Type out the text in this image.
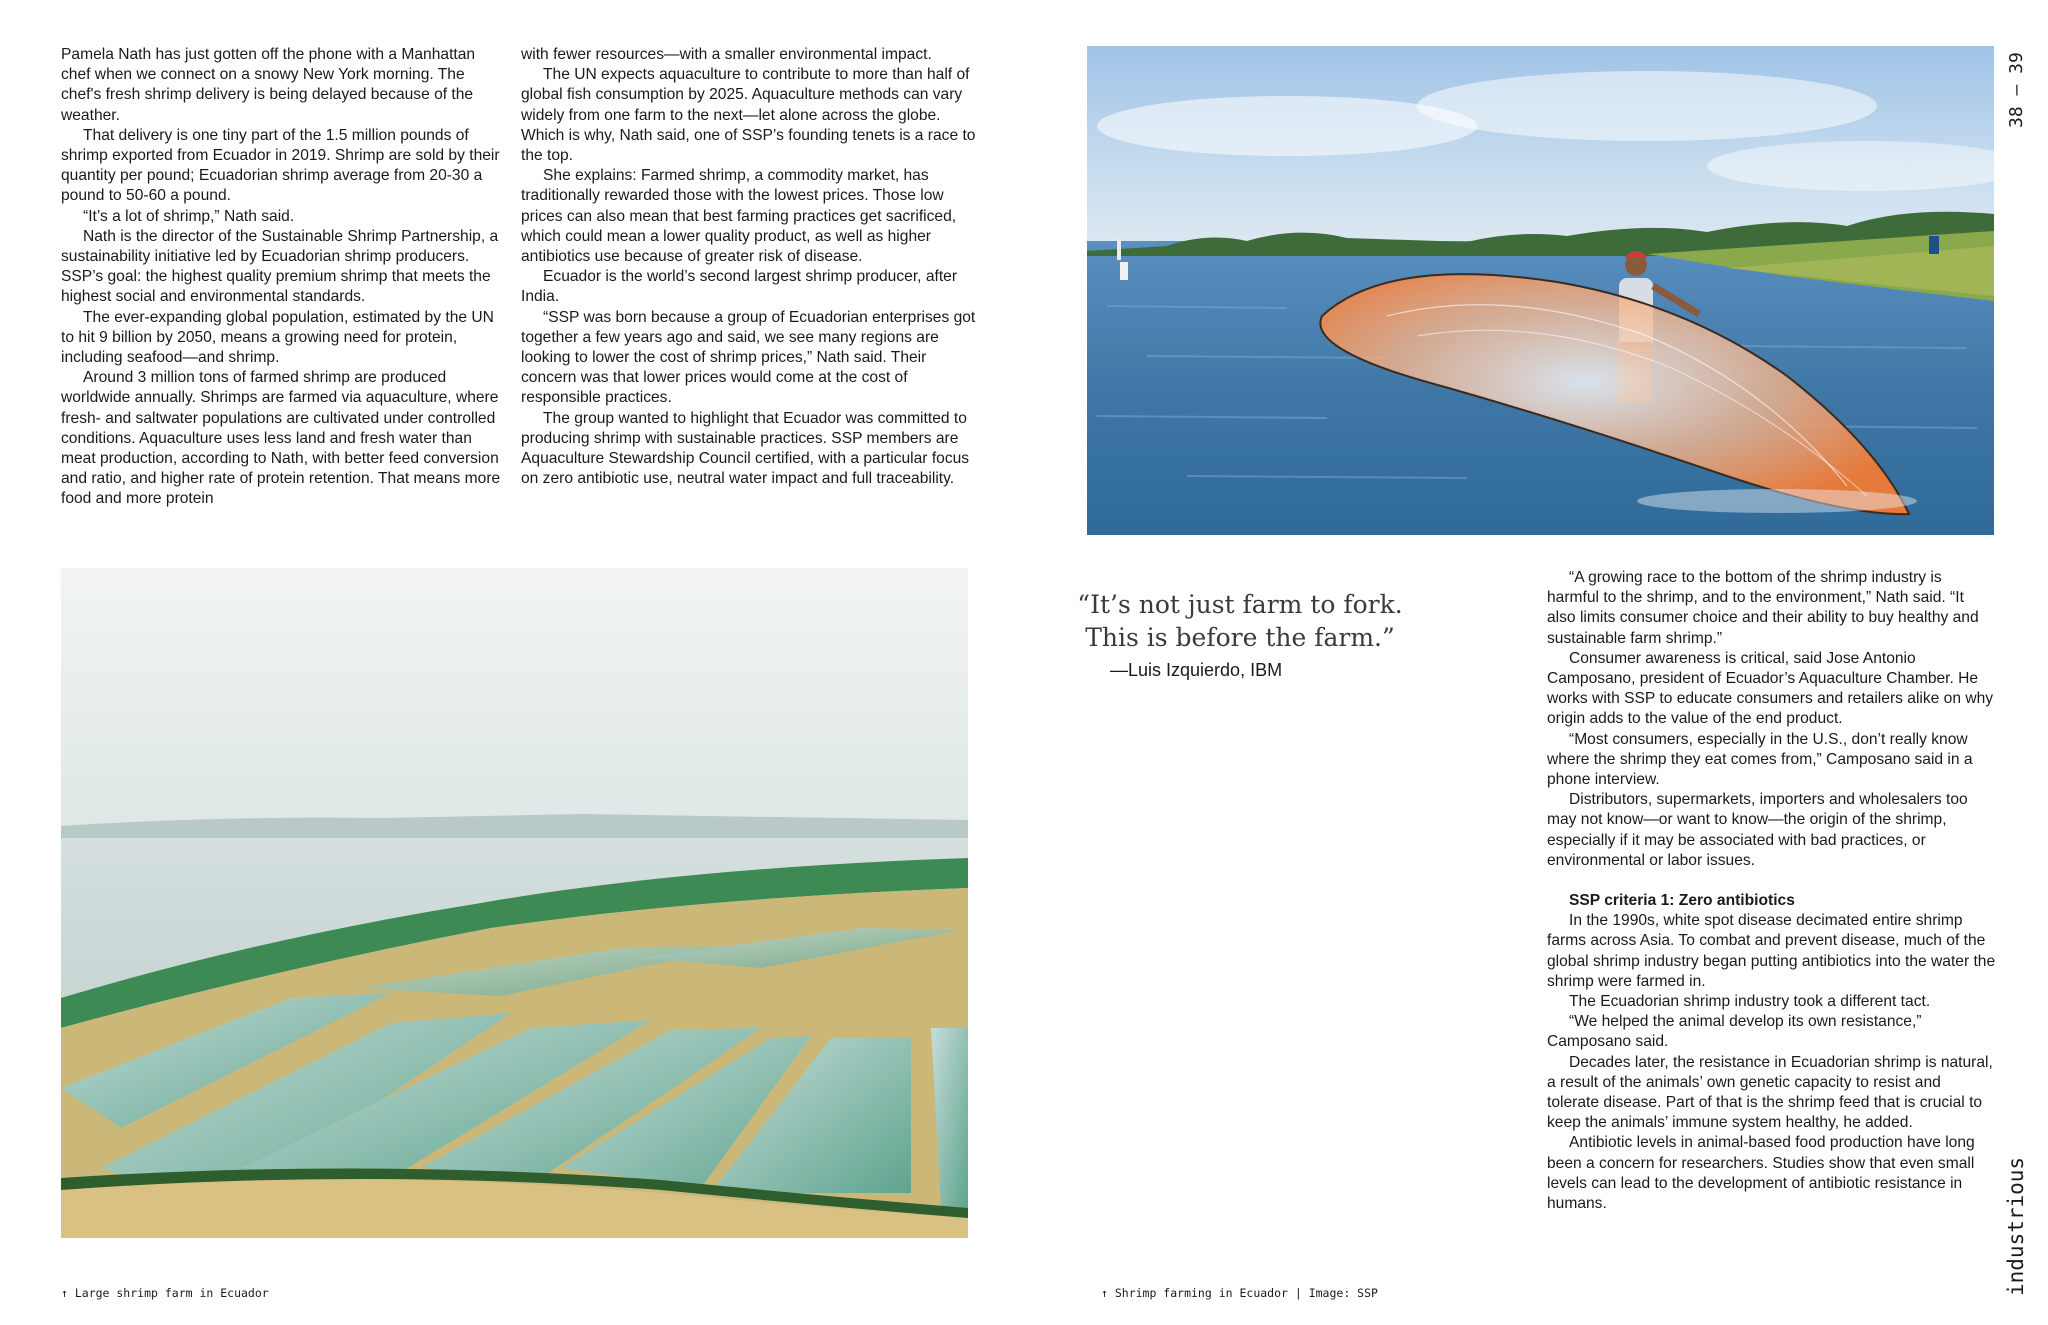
Pamela Nath has just gotten off the phone with a Manhattan chef when we connect on a snowy New York morning. The chef's fresh shrimp delivery is being delayed because of the weather.

That delivery is one tiny part of the 1.5 million pounds of shrimp exported from Ecuador in 2019. Shrimp are sold by their quantity per pound; Ecuadorian shrimp average from 20-30 a pound to 50-60 a pound.

“It’s a lot of shrimp,” Nath said.

Nath is the director of the Sustainable Shrimp Partnership, a sustainability initiative led by Ecuadorian shrimp producers. SSP’s goal: the highest quality premium shrimp that meets the highest social and environmental standards.

The ever-expanding global population, estimated by the UN to hit 9 billion by 2050, means a growing need for protein, including seafood—and shrimp.

Around 3 million tons of farmed shrimp are produced worldwide annually. Shrimps are farmed via aquaculture, where fresh- and saltwater populations are cultivated under controlled conditions. Aquaculture uses less land and fresh water than meat production, according to Nath, with better feed conversion and ratio, and higher rate of protein retention. That means more food and more protein

with fewer resources—with a smaller environmental impact.

The UN expects aquaculture to contribute to more than half of global fish consumption by 2025. Aquaculture methods can vary widely from one farm to the next—let alone across the globe. Which is why, Nath said, one of SSP’s founding tenets is a race to the top.

She explains: Farmed shrimp, a commodity market, has traditionally rewarded those with the lowest prices. Those low prices can also mean that best farming practices get sacrificed, which could mean a lower quality product, as well as higher antibiotics use because of greater risk of disease.

Ecuador is the world’s second largest shrimp producer, after India.

“SSP was born because a group of Ecuadorian enterprises got together a few years ago and said, we see many regions are looking to lower the cost of shrimp prices,” Nath said. Their concern was that lower prices would come at the cost of responsible practices.

The group wanted to highlight that Ecuador was committed to producing shrimp with sustainable practices. SSP members are Aquaculture Stewardship Council certified, with a particular focus on zero antibiotic use, neutral water impact and full traceability.

“A growing race to the bottom of the shrimp industry is harmful to the shrimp, and to the environment,” Nath said. “It also limits consumer choice and their ability to buy healthy and sustainable farm shrimp.”

Consumer awareness is critical, said Jose Antonio Camposano, president of Ecuador’s Aquaculture Chamber. He works with SSP to educate consumers and retailers alike on why origin adds to the value of the end product.

“Most consumers, especially in the U.S., don’t really know where the shrimp they eat comes from,” Camposano said in a phone interview.

Distributors, supermarkets, importers and wholesalers too may not know—or want to know—the origin of the shrimp, especially if it may be associated with bad practices, or environmental or labor issues.

SSP criteria 1: Zero antibiotics

In the 1990s, white spot disease decimated entire shrimp farms across Asia. To combat and prevent disease, much of the global shrimp industry began putting antibiotics into the water the shrimp were farmed in.

The Ecuadorian shrimp industry took a different tact.

“We helped the animal develop its own resistance,” Camposano said.

Decades later, the resistance in Ecuadorian shrimp is natural, a result of the animals’ own genetic capacity to resist and tolerate disease. Part of that is the shrimp feed that is crucial to keep the animals’ immune system healthy, he added.

Antibiotic levels in animal-based food production have long been a concern for researchers. Studies show that even small levels can lead to the development of antibiotic resistance in humans.

“It’s not just farm to fork.
This is before the farm.”
—Luis Izquierdo, IBM
↑ Large shrimp farm in Ecuador	↑ Shrimp farming in Ecuador | Image: SSP
38 — 39
industrious
